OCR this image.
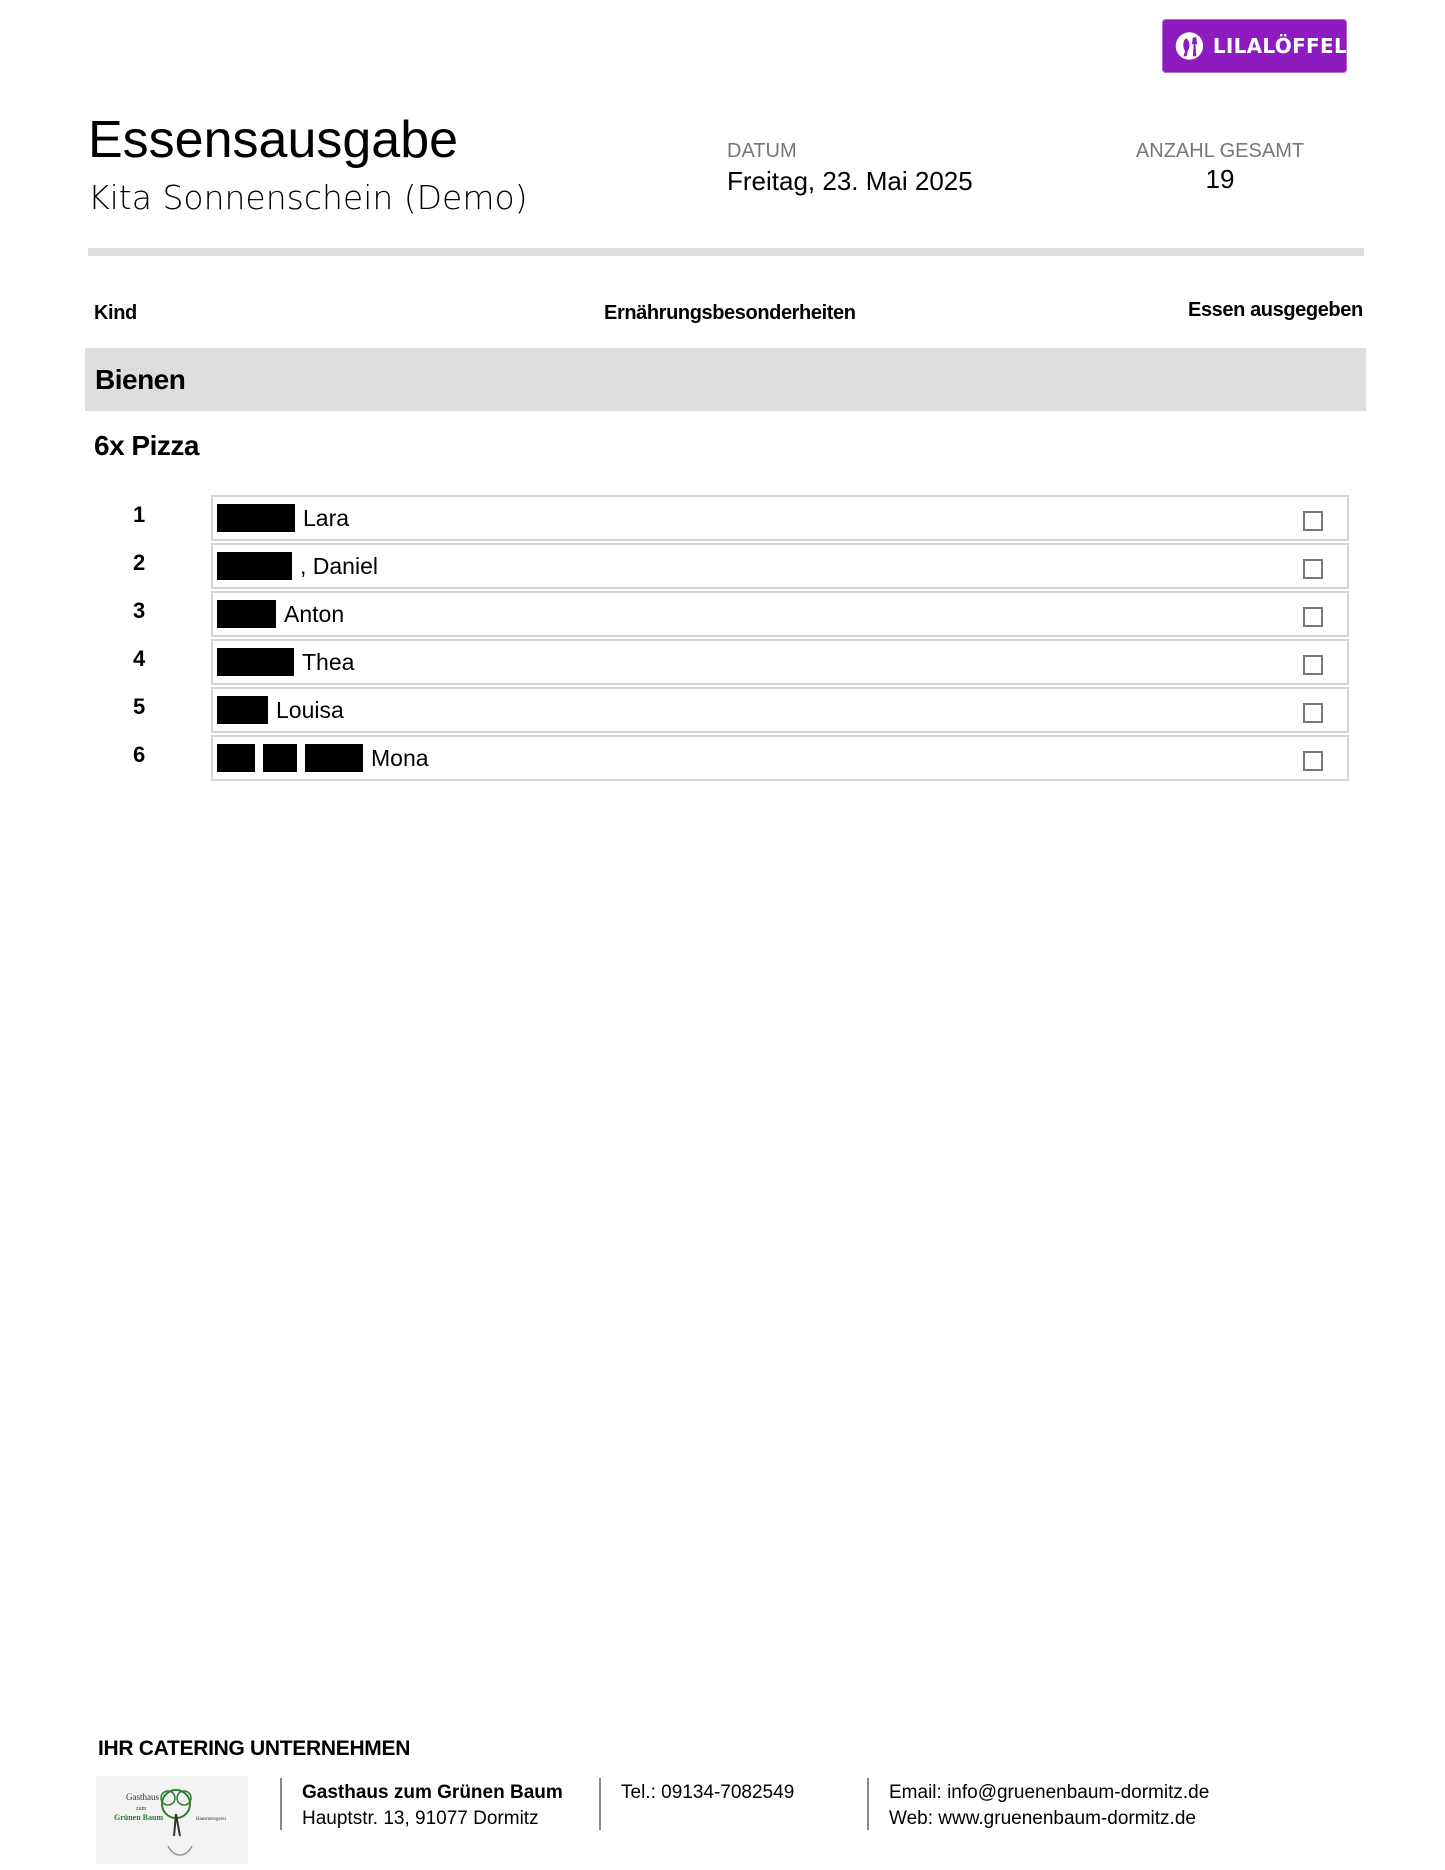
LILALÖFFEL
Essensausgabe
Kita Sonnenschein (Demo)
DATUM
Freitag, 23. Mai 2025
ANZAHL GESAMT
19
Kind	Ernährungsbesonderheiten	Essen ausgegeben
Bienen
6x Pizza
1	Lara
2	, Daniel
3	Anton
4	Thea
5	Louisa
6	Mona
IHR CATERING UNTERNEHMEN
Gasthaus
zum
Grünen Baum	Hausmetzgerei
Gasthaus zum Grünen Baum
Hauptstr. 13, 91077 Dormitz
Tel.: 09134-7082549	Email: info@gruenenbaum-dormitz.de
Web: www.gruenenbaum-dormitz.de
